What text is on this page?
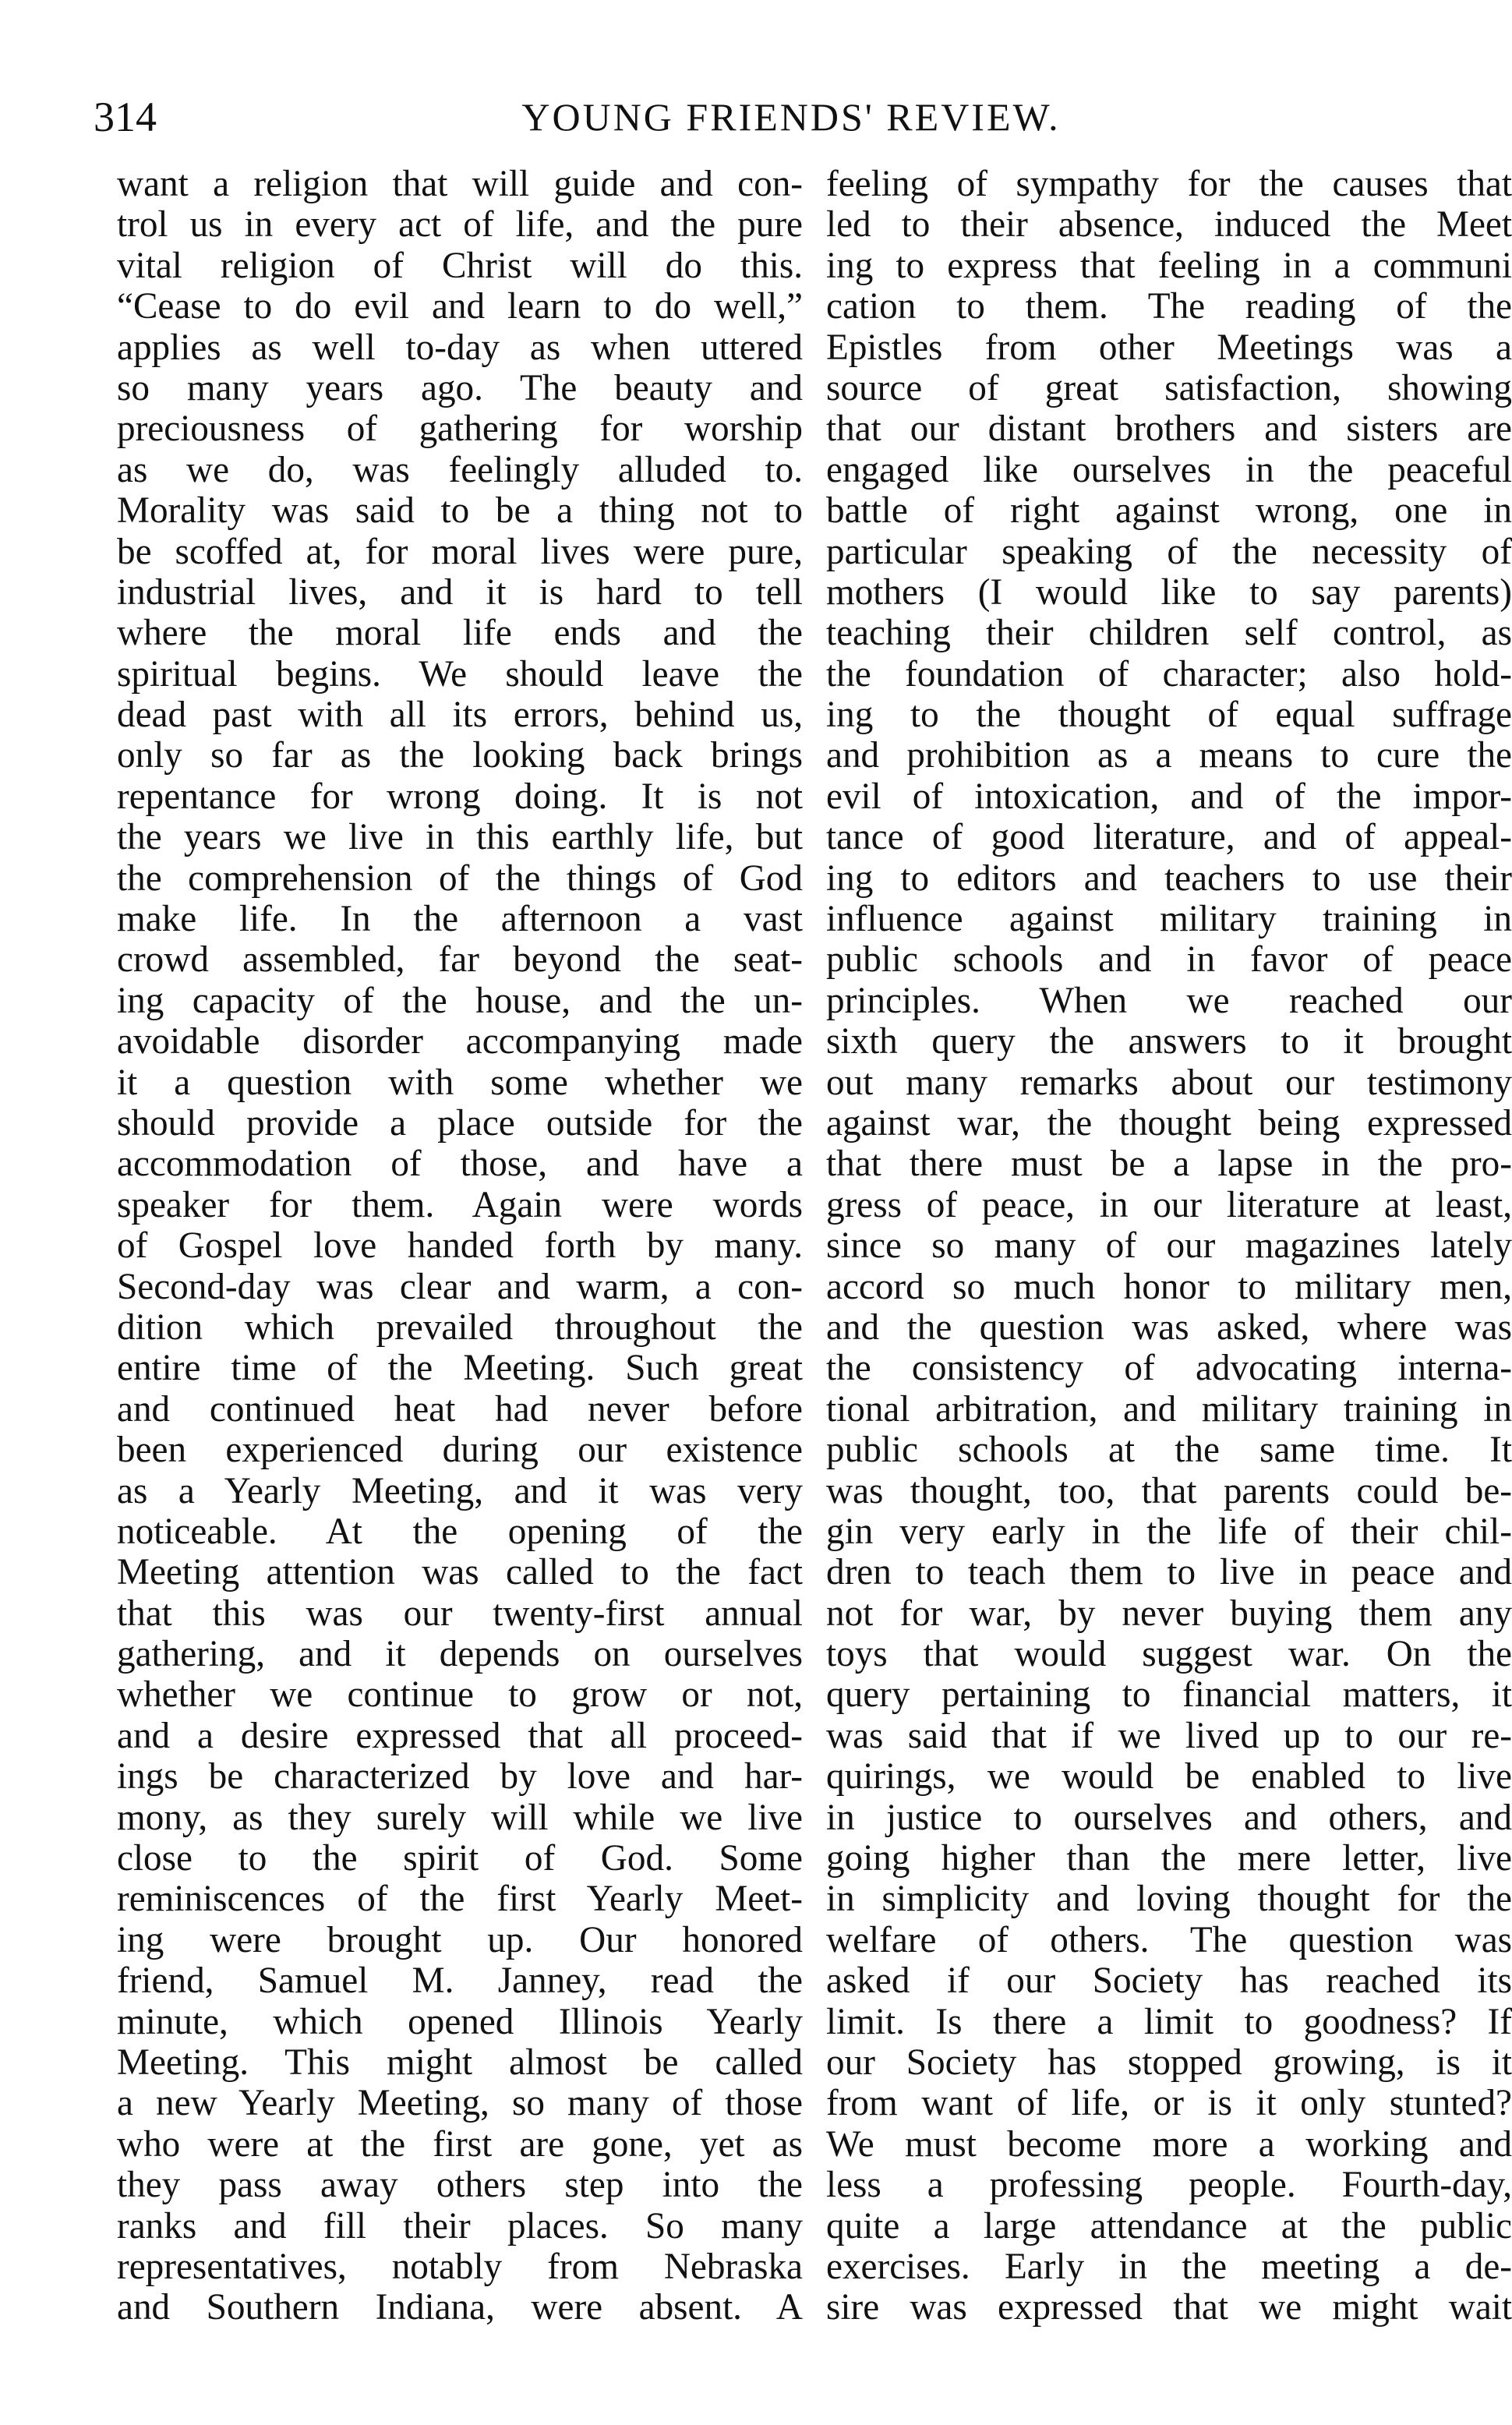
314	YOUNG FRIENDS' REVIEW.
want a religion that will guide and con-
trol us in every act of life, and the pure
vital religion of Christ will do this.
“Cease to do evil and learn to do well,”
applies as well to-day as when uttered
so many years ago. The beauty and
preciousness of gathering for worship
as we do, was feelingly alluded to.
Morality was said to be a thing not to
be scoffed at, for moral lives were pure,
industrial lives, and it is hard to tell
where the moral life ends and the
spiritual begins. We should leave the
dead past with all its errors, behind us,
only so far as the looking back brings
repentance for wrong doing. It is not
the years we live in this earthly life, but
the comprehension of the things of God
make life. In the afternoon a vast
crowd assembled, far beyond the seat-
ing capacity of the house, and the un-
avoidable disorder accompanying made
it a question with some whether we
should provide a place outside for the
accommodation of those, and have a
speaker for them. Again were words
of Gospel love handed forth by many.
Second-day was clear and warm, a con-
dition which prevailed throughout the
entire time of the Meeting. Such great
and continued heat had never before
been experienced during our existence
as a Yearly Meeting, and it was very
noticeable. At the opening of the
Meeting attention was called to the fact
that this was our twenty-first annual
gathering, and it depends on ourselves
whether we continue to grow or not,
and a desire expressed that all proceed-
ings be characterized by love and har-
mony, as they surely will while we live
close to the spirit of God. Some
reminiscences of the first Yearly Meet-
ing were brought up. Our honored
friend, Samuel M. Janney, read the
minute, which opened Illinois Yearly
Meeting. This might almost be called
a new Yearly Meeting, so many of those
who were at the first are gone, yet as
they pass away others step into the
ranks and fill their places. So many
representatives, notably from Nebraska
and Southern Indiana, were absent. A
feeling of sympathy for the causes that
led to their absence, induced the Meet
ing to express that feeling in a communi
cation to them. The reading of the
Epistles from other Meetings was a
source of great satisfaction, showing
that our distant brothers and sisters are
engaged like ourselves in the peaceful
battle of right against wrong, one in
particular speaking of the necessity of
mothers (I would like to say parents)
teaching their children self control, as
the foundation of character; also hold-
ing to the thought of equal suffrage
and prohibition as a means to cure the
evil of intoxication, and of the impor-
tance of good literature, and of appeal-
ing to editors and teachers to use their
influence against military training in
public schools and in favor of peace
principles. When we reached our
sixth query the answers to it brought
out many remarks about our testimony
against war, the thought being expressed
that there must be a lapse in the pro-
gress of peace, in our literature at least,
since so many of our magazines lately
accord so much honor to military men,
and the question was asked, where was
the consistency of advocating interna-
tional arbitration, and military training in
public schools at the same time. It
was thought, too, that parents could be-
gin very early in the life of their chil-
dren to teach them to live in peace and
not for war, by never buying them any
toys that would suggest war. On the
query pertaining to financial matters, it
was said that if we lived up to our re-
quirings, we would be enabled to live
in justice to ourselves and others, and
going higher than the mere letter, live
in simplicity and loving thought for the
welfare of others. The question was
asked if our Society has reached its
limit. Is there a limit to goodness? If
our Society has stopped growing, is it
from want of life, or is it only stunted?
We must become more a working and
less a professing people. Fourth-day,
quite a large attendance at the public
exercises. Early in the meeting a de-
sire was expressed that we might wait
